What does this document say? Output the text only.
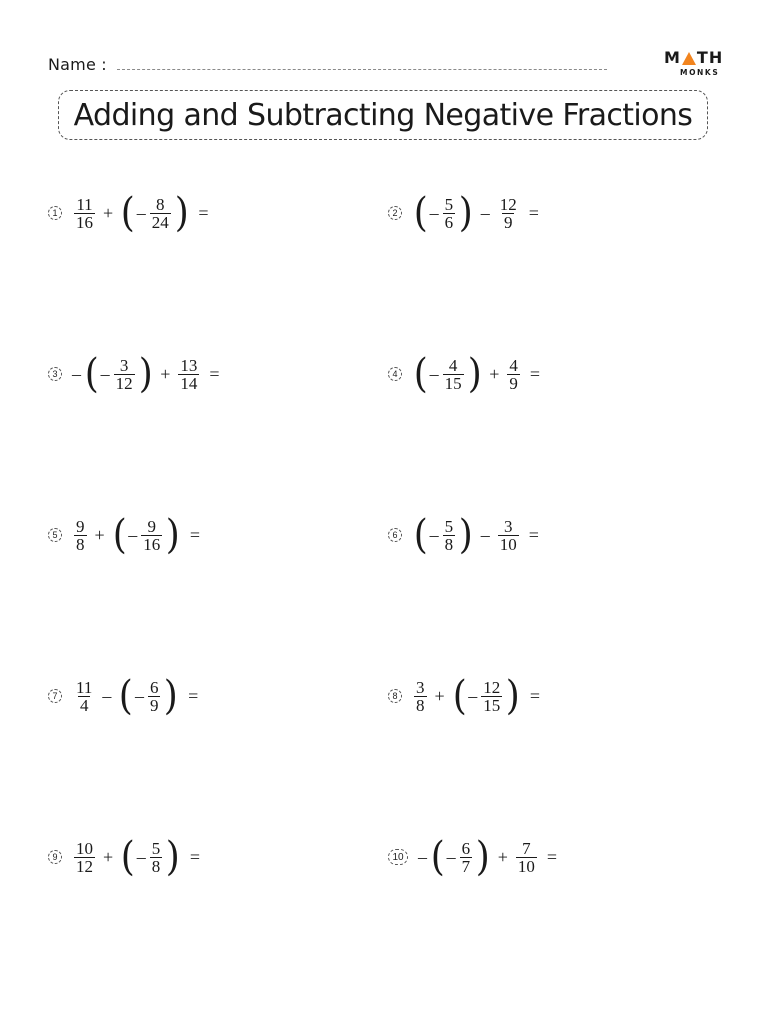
Name :	M TH
MONKS
Adding and Subtracting Negative Fractions
$1 \frac{11}{16}$ + ( – $\frac{8}{24}$ ) =	2 ( – $\frac{5}{6}$ ) – $\frac{12}{9}$ =
3 – ( – $\frac{3}{12}$ ) + $\frac{13}{14}$ =	4 ( – $\frac{4}{15}$ ) + $\frac{4}{9}$ =
$5 \frac{9}{8}$ + ( – $\frac{9}{16}$ ) =	6 ( – $\frac{5}{8}$ ) – $\frac{3}{10}$ =
$7 \frac{11}{4}$ – ( – $\frac{6}{9}$ ) =	$8 \frac{3}{8}$ + ( – $\frac{12}{15}$ ) =
$9 \frac{10}{12}$ + ( – $\frac{5}{8}$ ) =	10 – ( – $\frac{6}{7}$ ) + $\frac{7}{10}$ =
